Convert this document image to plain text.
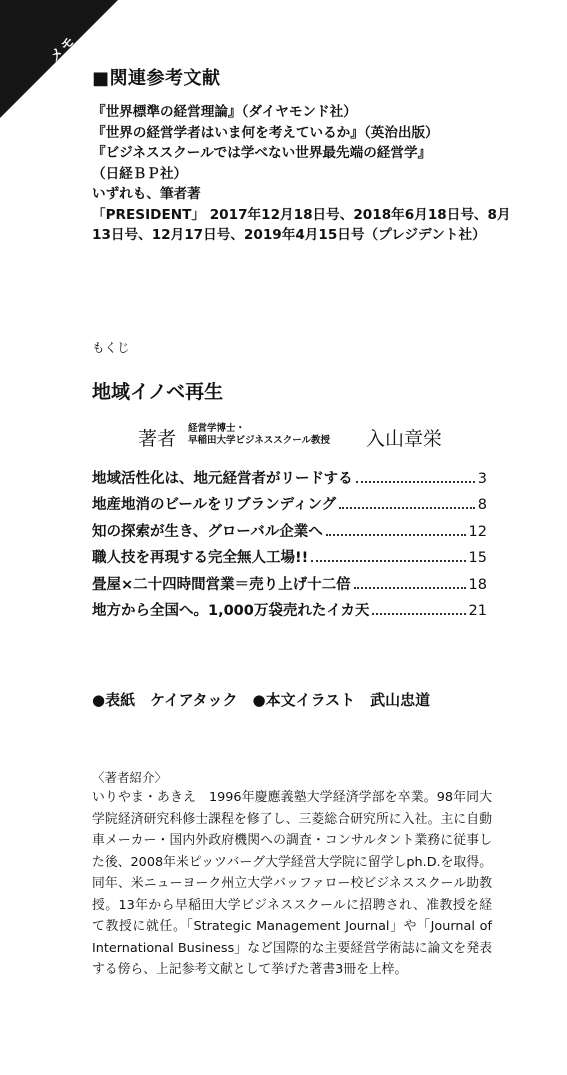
メモ
■関連参考文献
『世界標準の経営理論』（ダイヤモンド社）
『世界の経営学者はいま何を考えているか』（英治出版）
『ビジネススクールでは学べない世界最先端の経営学』
（日経ＢＰ社）
いずれも、筆者著
「PRESIDENT」 2017年12月18日号、2018年6月18日号、8月13日号、12月17日号、2019年4月15日号（プレジデント社）
もくじ
地域イノベ再生
著者 経営学博士・
早稲田大学ビジネススクール教授 入山章栄
地域活性化は、地元経営者がリードする	3
地産地消のビールをリブランディング	8
知の探索が生き、グローバル企業へ	12
職人技を再現する完全無人工場!!	15
畳屋×二十四時間営業＝売り上げ十二倍	18
地方から全国へ。1,000万袋売れたイカ天	21
●表紙　ケイアタック　●本文イラスト　武山忠道
〈著者紹介〉
いりやま・あきえ　1996年慶應義塾大学経済学部を卒業。98年同大学院経済研究科修士課程を修了し、三菱総合研究所に入社。主に自動車メーカー・国内外政府機関への調査・コンサルタント業務に従事した後、2008年米ピッツバーグ大学経営大学院に留学しph.D.を取得。同年、米ニューヨーク州立大学バッファロー校ビジネススクール助教授。13年から早稲田大学ビジネススクールに招聘され、准教授を経て教授に就任。「Strategic Management Journal」や「Journal of International Business」など国際的な主要経営学術誌に論文を発表する傍ら、上記参考文献として挙げた著書3冊を上梓。
